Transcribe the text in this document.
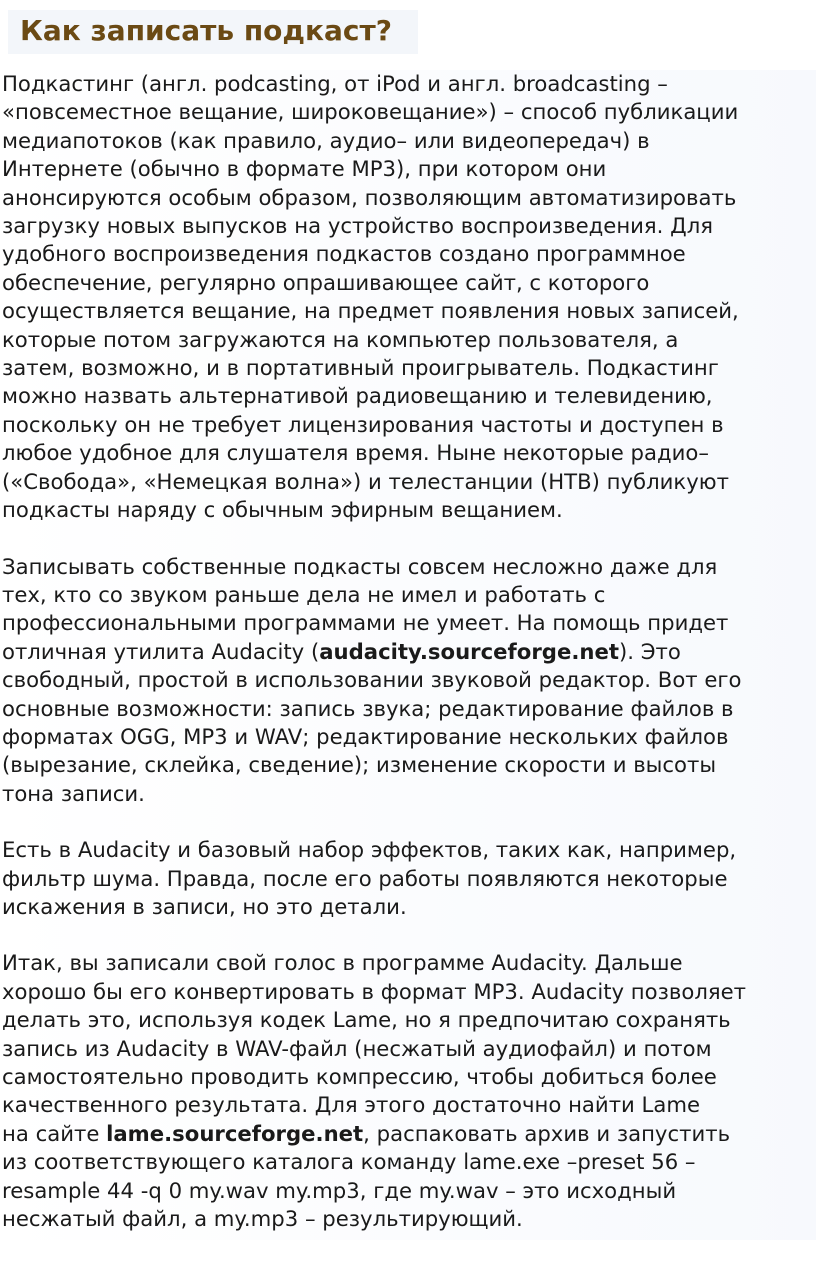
Как записать подкаст?

Подкастинг (англ. podcasting, от iPod и англ. broadcasting –
«повсеместное вещание, широковещание») – способ публикации
медиапотоков (как правило, аудио– или видеопередач) в
Интернете (обычно в формате MP3), при котором они
анонсируются особым образом, позволяющим автоматизировать
загрузку новых выпусков на устройство воспроизведения. Для
удобного воспроизведения подкастов создано программное
обеспечение, регулярно опрашивающее сайт, с которого
осуществляется вещание, на предмет появления новых записей,
которые потом загружаются на компьютер пользователя, а
затем, возможно, и в портативный проигрыватель. Подкастинг
можно назвать альтернативой радиовещанию и телевидению,
поскольку он не требует лицензирования частоты и доступен в
любое удобное для слушателя время. Ныне некоторые радио–
(«Свобода», «Немецкая волна») и телестанции (НТВ) публикуют
подкасты наряду с обычным эфирным вещанием.

Записывать собственные подкасты совсем несложно даже для
тех, кто со звуком раньше дела не имел и работать с
профессиональными программами не умеет. На помощь придет
отличная утилита Audacity (audacity.sourceforge.net). Это
свободный, простой в использовании звуковой редактор. Вот его
основные возможности: запись звука; редактирование файлов в
форматах OGG, MP3 и WAV; редактирование нескольких файлов
(вырезание, склейка, сведение); изменение скорости и высоты
тона записи.

Есть в Audacity и базовый набор эффектов, таких как, например,
фильтр шума. Правда, после его работы появляются некоторые
искажения в записи, но это детали.

Итак, вы записали свой голос в программе Audacity. Дальше
хорошо бы его конвертировать в формат MP3. Audacity позволяет
делать это, используя кодек Lame, но я предпочитаю сохранять
запись из Audacity в WAV-файл (несжатый аудиофайл) и потом
самостоятельно проводить компрессию, чтобы добиться более
качественного результата. Для этого достаточно найти Lame
на сайте lame.sourceforge.net, распаковать архив и запустить
из соответствующего каталога команду lame.exe –preset 56 –
resample 44 -q 0 my.wav my.mp3, где my.wav – это исходный
несжатый файл, а my.mp3 – результирующий.
